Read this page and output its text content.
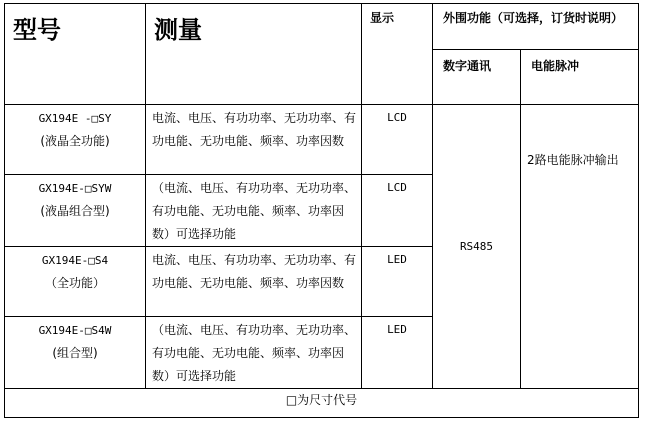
型号	测量	显示	外围功能（可选择，订货时说明）	
			数字通讯	电能脉冲

GX194E -□SY
(液晶全功能)	电流、电压、有功功率、无功功率、有功电能、无功电能、频率、功率因数	LCD	RS485	2路电能脉冲输出

GX194E-□SYW
(液晶组合型)	（电流、电压、有功功率、无功功率、有功电能、无功电能、频率、功率因数）可选择功能	LCD		

GX194E-□S4
（全功能）	电流、电压、有功功率、无功功率、有功电能、无功电能、频率、功率因数	LED		

GX194E-□S4W
(组合型)	（电流、电压、有功功率、无功功率、有功电能、无功电能、频率、功率因数）可选择功能	LED		
□为尺寸代号				
